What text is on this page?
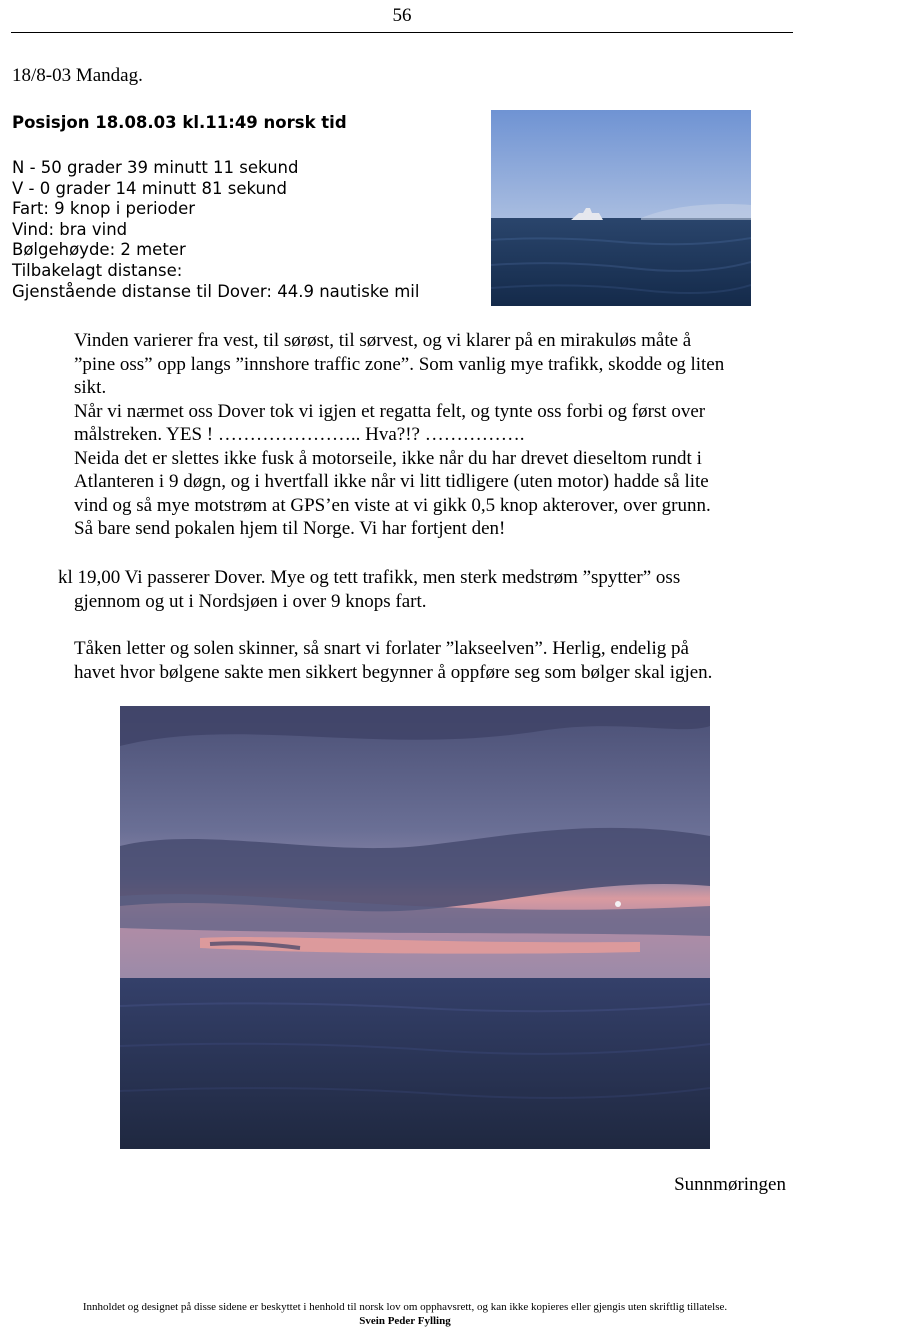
56
18/8-03 Mandag.
Posisjon 18.08.03 kl.11:49 norsk tid
N - 50 grader 39 minutt 11 sekund
V - 0 grader 14 minutt 81 sekund
Fart: 9 knop i perioder
Vind: bra vind
Bølgehøyde: 2 meter
Tilbakelagt distanse:
Gjenstående distanse til Dover: 44.9 nautiske mil
Vinden varierer fra vest, til sørøst, til sørvest, og vi klarer på en mirakuløs måte å
”pine oss” opp langs ”innshore traffic zone”. Som vanlig mye trafikk, skodde og liten
sikt.
Når vi nærmet oss Dover tok vi igjen et regatta felt, og tynte oss forbi og først over
målstreken. YES ! ………………….. Hva?!? …………….
Neida det er slettes ikke fusk å motorseile, ikke når du har drevet dieseltom rundt i
Atlanteren i 9 døgn, og i hvertfall ikke når vi litt tidligere (uten motor) hadde så lite
vind og så mye motstrøm at GPS’en viste at vi gikk 0,5 knop akterover, over grunn.
Så bare send pokalen hjem til Norge. Vi har fortjent den!
kl 19,00 Vi passerer Dover. Mye og tett trafikk, men sterk medstrøm ”spytter” oss
gjennom og ut i Nordsjøen i over 9 knops fart.
Tåken letter og solen skinner, så snart vi forlater ”lakseelven”. Herlig, endelig på
havet hvor bølgene sakte men sikkert begynner å oppføre seg som bølger skal igjen.
Sunnmøringen
Innholdet og designet på disse sidene er beskyttet i henhold til norsk lov om opphavsrett, og kan ikke kopieres eller gjengis uten skriftlig tillatelse.
Svein Peder Fylling
